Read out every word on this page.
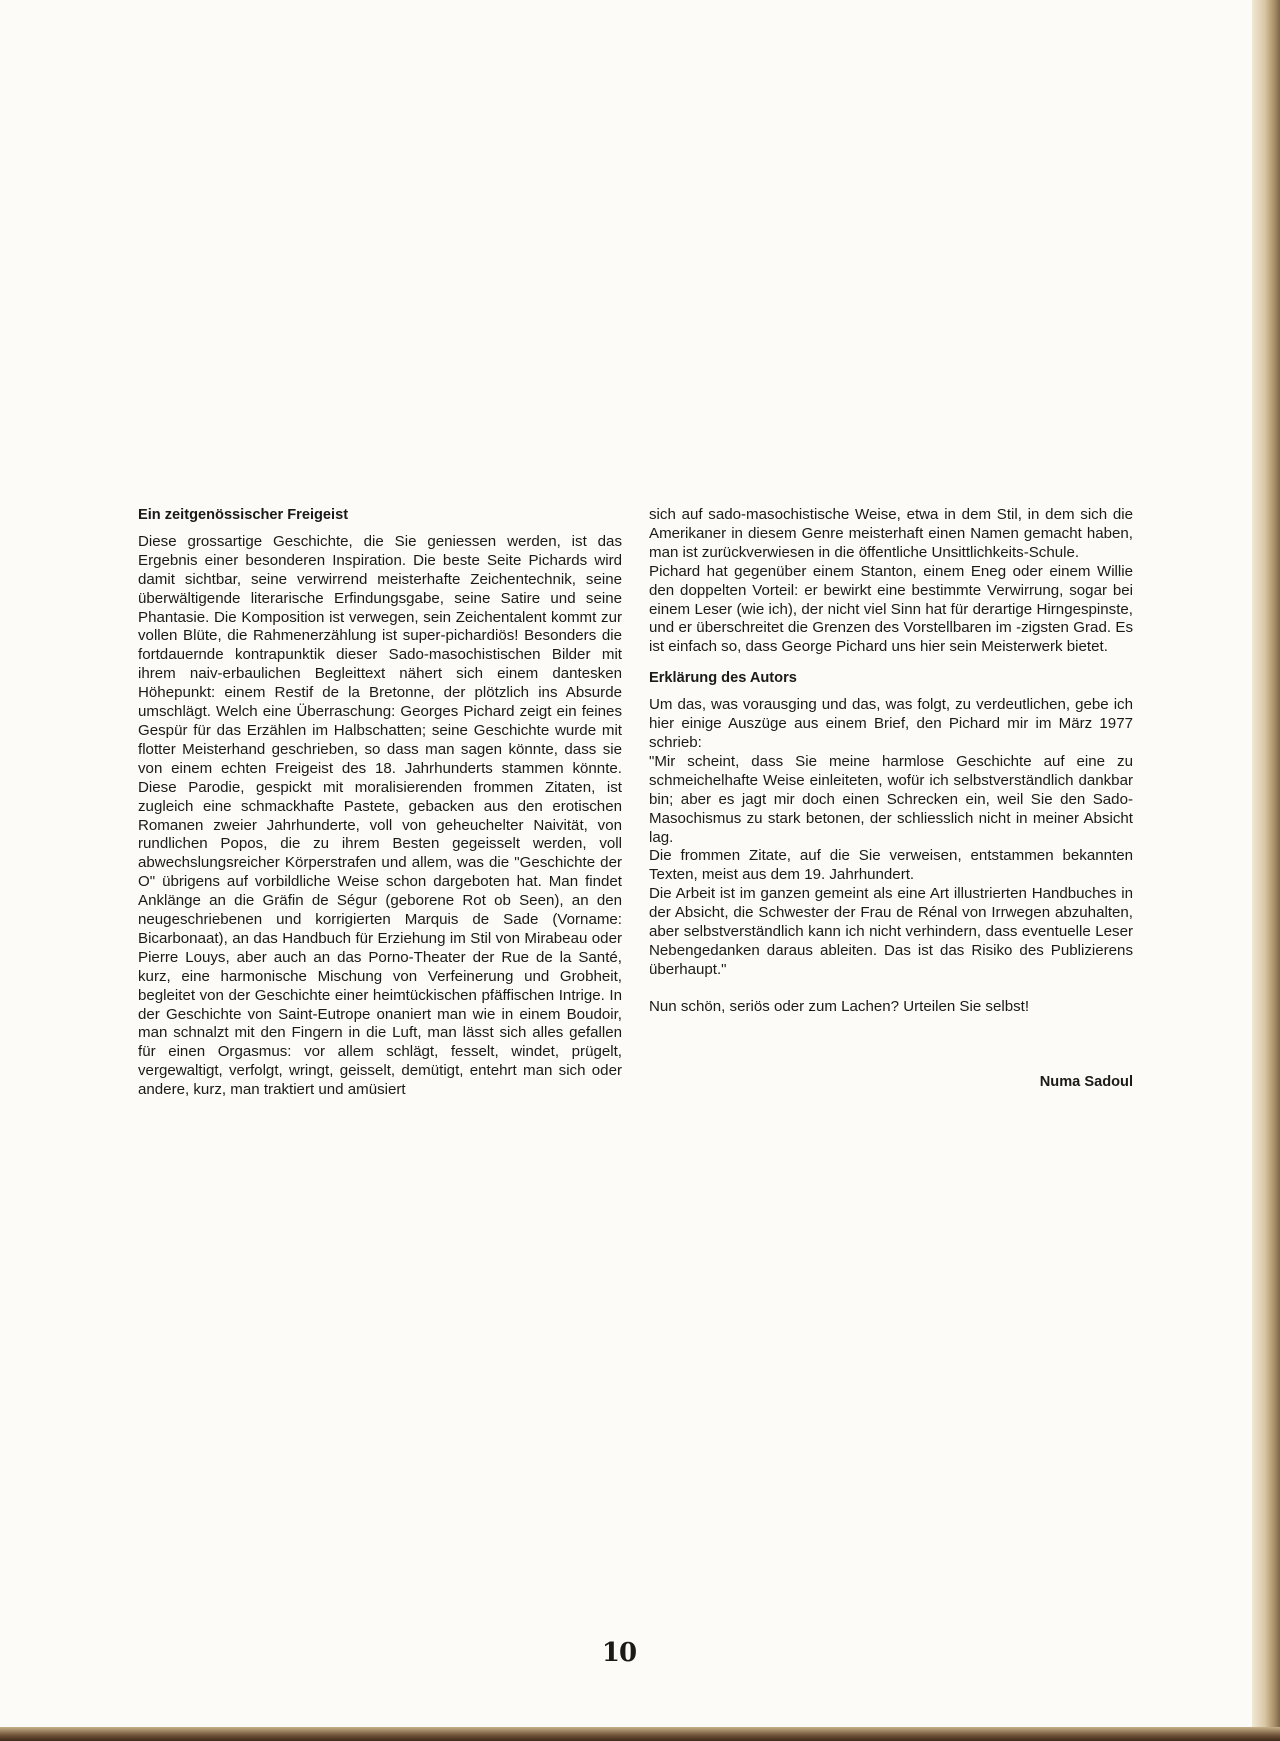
Ein zeitgenössischer Freigeist

Diese grossartige Geschichte, die Sie geniessen werden, ist das Ergebnis einer besonderen Inspiration. Die beste Seite Pichards wird damit sichtbar, seine verwirrend meisterhafte Zeichentechnik, seine überwältigende literarische Erfindungsgabe, seine Satire und seine Phantasie. Die Komposition ist verwegen, sein Zeichentalent kommt zur vollen Blüte, die Rahmenerzählung ist super-pichardiös! Besonders die fortdauernde kontrapunktik dieser Sado-masochistischen Bilder mit ihrem naiv-erbaulichen Begleittext nähert sich einem dantesken Höhepunkt: einem Restif de la Bretonne, der plötzlich ins Absurde umschlägt. Welch eine Überraschung: Georges Pichard zeigt ein feines Gespür für das Erzählen im Halbschatten; seine Geschichte wurde mit flotter Meisterhand geschrieben, so dass man sagen könnte, dass sie von einem echten Freigeist des 18. Jahrhunderts stammen könnte. Diese Parodie, gespickt mit moralisierenden frommen Zitaten, ist zugleich eine schmackhafte Pastete, gebacken aus den erotischen Romanen zweier Jahrhunderte, voll von geheuchelter Naivität, von rundlichen Popos, die zu ihrem Besten gegeisselt werden, voll abwechslungsreicher Körperstrafen und allem, was die "Geschichte der O" übrigens auf vorbildliche Weise schon dargeboten hat. Man findet Anklänge an die Gräfin de Ségur (geborene Rot ob Seen), an den neugeschriebenen und korrigierten Marquis de Sade (Vorname: Bicarbonaat), an das Handbuch für Erziehung im Stil von Mirabeau oder Pierre Louys, aber auch an das Porno-Theater der Rue de la Santé, kurz, eine harmonische Mischung von Verfeinerung und Grobheit, begleitet von der Geschichte einer heimtückischen pfäffischen Intrige. In der Geschichte von Saint-Eutrope onaniert man wie in einem Boudoir, man schnalzt mit den Fingern in die Luft, man lässt sich alles gefallen für einen Orgasmus: vor allem schlägt, fesselt, windet, prügelt, vergewaltigt, verfolgt, wringt, geisselt, demütigt, entehrt man sich oder andere, kurz, man traktiert und amüsiert

sich auf sado-masochistische Weise, etwa in dem Stil, in dem sich die Amerikaner in diesem Genre meisterhaft einen Namen gemacht haben, man ist zurückverwiesen in die öffentliche Unsittlichkeits-Schule.

Pichard hat gegenüber einem Stanton, einem Eneg oder einem Willie den doppelten Vorteil: er bewirkt eine bestimmte Verwirrung, sogar bei einem Leser (wie ich), der nicht viel Sinn hat für derartige Hirngespinste, und er überschreitet die Grenzen des Vorstellbaren im -zigsten Grad. Es ist einfach so, dass George Pichard uns hier sein Meisterwerk bietet.

Erklärung des Autors

Um das, was vorausging und das, was folgt, zu verdeutlichen, gebe ich hier einige Auszüge aus einem Brief, den Pichard mir im März 1977 schrieb:

"Mir scheint, dass Sie meine harmlose Geschichte auf eine zu schmeichelhafte Weise einleiteten, wofür ich selbstverständlich dankbar bin; aber es jagt mir doch einen Schrecken ein, weil Sie den Sado-Masochismus zu stark betonen, der schliesslich nicht in meiner Absicht lag.

Die frommen Zitate, auf die Sie verweisen, entstammen bekannten Texten, meist aus dem 19. Jahrhundert.

Die Arbeit ist im ganzen gemeint als eine Art illustrierten Handbuches in der Absicht, die Schwester der Frau de Rénal von Irrwegen abzuhalten, aber selbstverständlich kann ich nicht verhindern, dass eventuelle Leser Nebengedanken daraus ableiten. Das ist das Risiko des Publizierens überhaupt."

Nun schön, seriös oder zum Lachen? Urteilen Sie selbst!

Numa Sadoul
10
